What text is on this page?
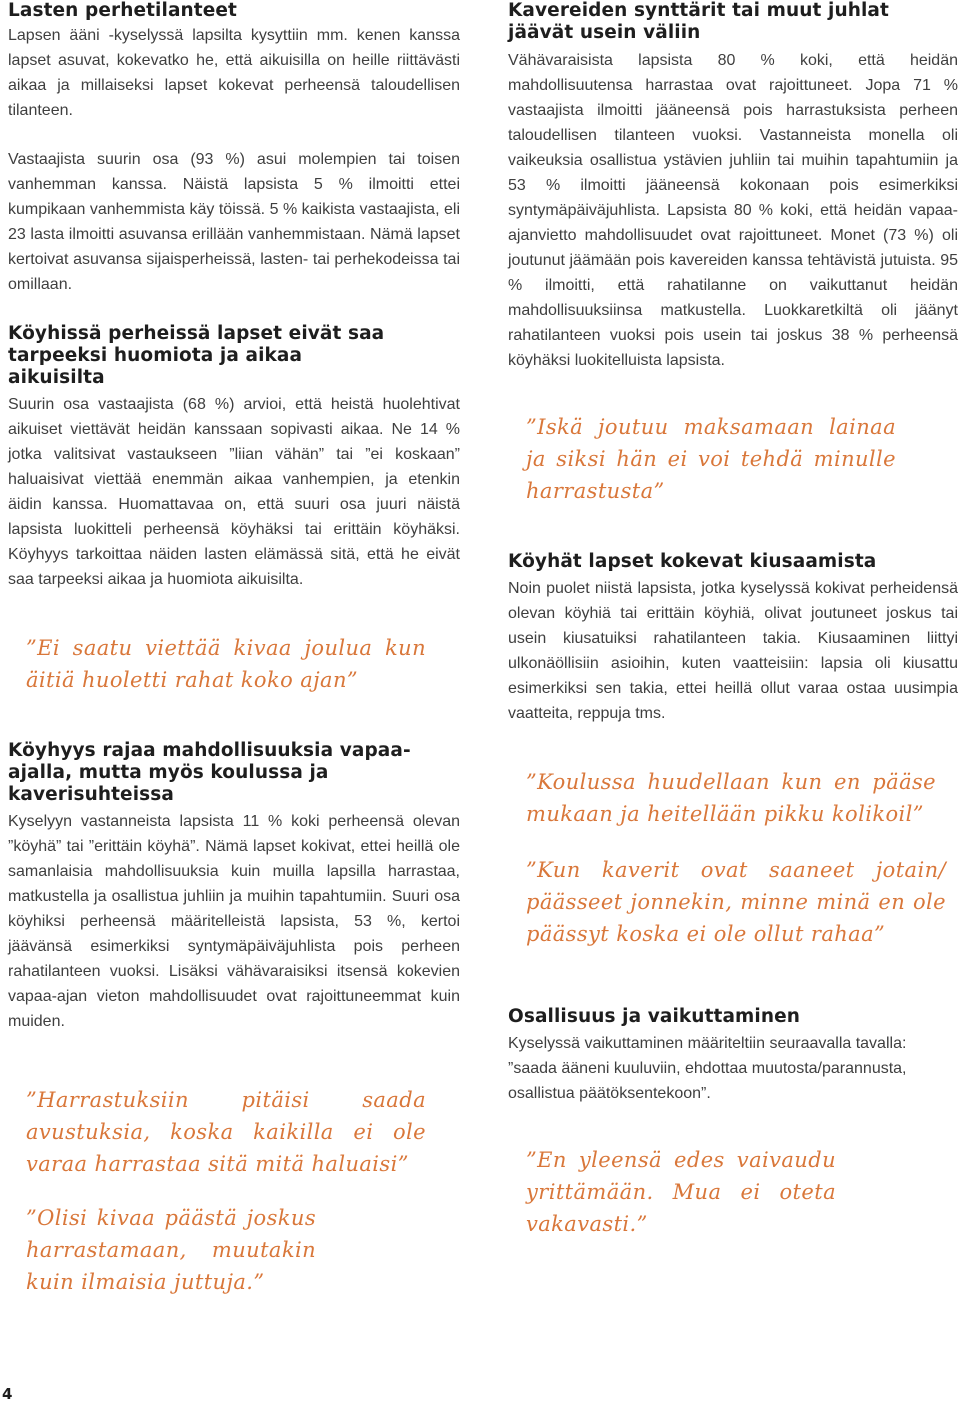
Lasten perhetilanteet

Lapsen ääni -kyselyssä lapsilta kysyttiin mm. kenen kanssa lapset asuvat, kokevatko he, että aikuisilla on heille riittävästi aikaa ja millaiseksi lapset kokevat perheensä taloudellisen tilanteen.

Vastaajista suurin osa (93 %) asui molempien tai toisen vanhemman kanssa. Näistä lapsista 5 % ilmoitti ettei kumpikaan vanhemmista käy töissä. 5 % kaikista vastaajista, eli 23 lasta ilmoitti asuvansa erillään vanhemmistaan. Nämä lapset kertoivat asuvansa sijaisperheissä, lasten- tai perhekodeissa tai omillaan.

Köyhissä perheissä lapset eivät saa tarpeeksi huomiota ja aikaa aikuisilta

Suurin osa vastaajista (68 %) arvioi, että heistä huolehtivat aikuiset viettävät heidän kanssaan sopivasti aikaa. Ne 14 % jotka valitsivat vastaukseen ”liian vähän” tai ”ei koskaan” haluaisivat viettää enemmän aikaa vanhempien, ja etenkin äidin kanssa. Huomattavaa on, että suuri osa juuri näistä lapsista luokitteli perheensä köyhäksi tai erittäin köyhäksi. Köyhyys tarkoittaa näiden lasten elämässä sitä, että he eivät saa tarpeeksi aikaa ja huomiota aikuisilta.

”Ei saatu viettää kivaa joulua kun äitiä huoletti rahat koko ajan”

Köyhyys rajaa mahdollisuuksia vapaa-ajalla, mutta myös koulussa ja kaverisuhteissa

Kyselyyn vastanneista lapsista 11 % koki perheensä olevan ”köyhä” tai ”erittäin köyhä”. Nämä lapset kokivat, ettei heillä ole samanlaisia mahdollisuuksia kuin muilla lapsilla harrastaa, matkustella ja osallistua juhliin ja muihin tapahtumiin. Suuri osa köyhiksi perheensä määritelleistä lapsista, 53 %, kertoi jäävänsä esimerkiksi syntymäpäiväjuhlista pois perheen rahatilanteen vuoksi. Lisäksi vähävaraisiksi itsensä kokevien vapaa-ajan vieton mahdollisuudet ovat rajoittuneemmat kuin muiden.

”Harrastuksiin pitäisi saada avustuksia, koska kaikilla ei ole varaa harrastaa sitä mitä haluaisi”

”Olisi kivaa päästä joskus harrastamaan, muutakin kuin ilmaisia juttuja.”

Kavereiden synttärit tai muut juhlat jäävät usein väliin

Vähävaraisista lapsista 80 % koki, että heidän mahdollisuutensa harrastaa ovat rajoittuneet. Jopa 71 % vastaajista ilmoitti jääneensä pois harrastuksista perheen taloudellisen tilanteen vuoksi. Vastanneista monella oli vaikeuksia osallistua ystävien juhliin tai muihin tapahtumiin ja 53 % ilmoitti jääneensä kokonaan pois esimerkiksi syntymäpäiväjuhlista. Lapsista 80 % koki, että heidän vapaa-ajanvietto mahdollisuudet ovat rajoittuneet. Monet (73 %) oli joutunut jäämään pois kavereiden kanssa tehtävistä jutuista. 95 % ilmoitti, että rahatilanne on vaikuttanut heidän mahdollisuuksiinsa matkustella. Luokkaretkiltä oli jäänyt rahatilanteen vuoksi pois usein tai joskus 38 % perheensä köyhäksi luokitelluista lapsista.

”Iskä joutuu maksamaan lainaa ja siksi hän ei voi tehdä minulle harrastusta”

Köyhät lapset kokevat kiusaamista

Noin puolet niistä lapsista, jotka kyselyssä kokivat perheidensä olevan köyhiä tai erittäin köyhiä, olivat joutuneet joskus tai usein kiusatuiksi rahatilanteen takia. Kiusaaminen liittyi ulkonäöllisiin asioihin, kuten vaatteisiin: lapsia oli kiusattu esimerkiksi sen takia, ettei heillä ollut varaa ostaa uusimpia vaatteita, reppuja tms.

”Koulussa huudellaan kun en pääse mukaan ja heitellään pikku kolikoil”

”Kun kaverit ovat saaneet jotain/ päässeet jonnekin, minne minä en ole päässyt koska ei ole ollut rahaa”

Osallisuus ja vaikuttaminen

Kyselyssä vaikuttaminen määriteltiin seuraavalla tavalla: ”saada ääneni kuuluviin, ehdottaa muutosta/parannusta, osallistua päätöksentekoon”.

”En yleensä edes vaivaudu yrittämään. Mua ei oteta vakavasti.”

4
